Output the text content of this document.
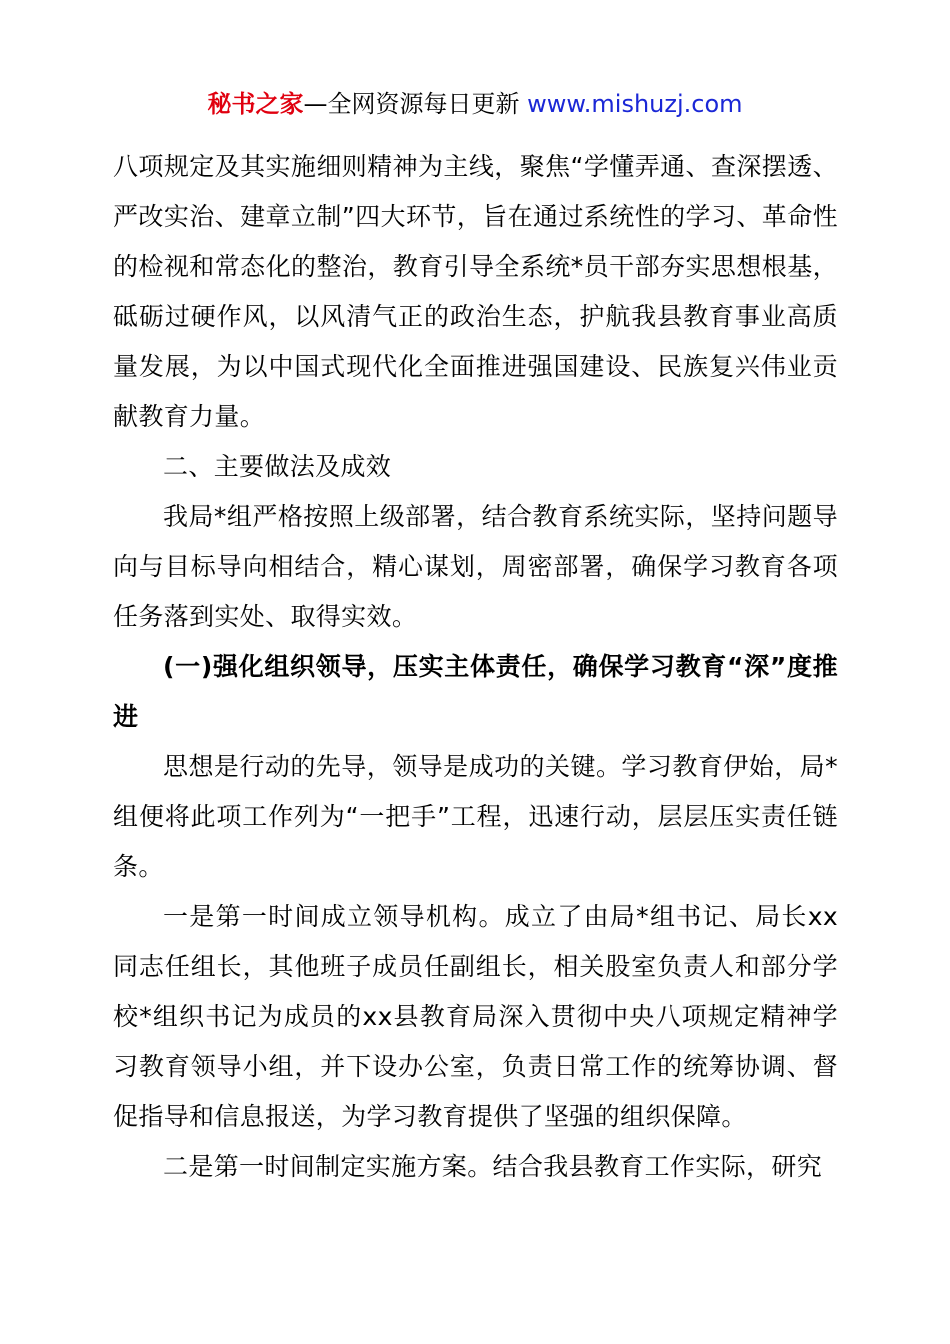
秘书之家—全网资源每日更新 www.mishuzj.com

八项规定及其实施细则精神为主线，聚焦“学懂弄通、查深摆透、严改实治、建章立制”四大环节，旨在通过系统性的学习、革命性的检视和常态化的整治，教育引导全系统*员干部夯实思想根基，砥砺过硬作风，以风清气正的政治生态，护航我县教育事业高质量发展，为以中国式现代化全面推进强国建设、民族复兴伟业贡献教育力量。

二、主要做法及成效

我局*组严格按照上级部署，结合教育系统实际，坚持问题导向与目标导向相结合，精心谋划，周密部署，确保学习教育各项任务落到实处、取得实效。

(一)强化组织领导，压实主体责任，确保学习教育“深”度推进

思想是行动的先导，领导是成功的关键。学习教育伊始，局*组便将此项工作列为“一把手”工程，迅速行动，层层压实责任链条。

一是第一时间成立领导机构。成立了由局*组书记、局长xx同志任组长，其他班子成员任副组长，相关股室负责人和部分学校*组织书记为成员的xx县教育局深入贯彻中央八项规定精神学习教育领导小组，并下设办公室，负责日常工作的统筹协调、督促指导和信息报送，为学习教育提供了坚强的组织保障。

二是第一时间制定实施方案。结合我县教育工作实际，研究
